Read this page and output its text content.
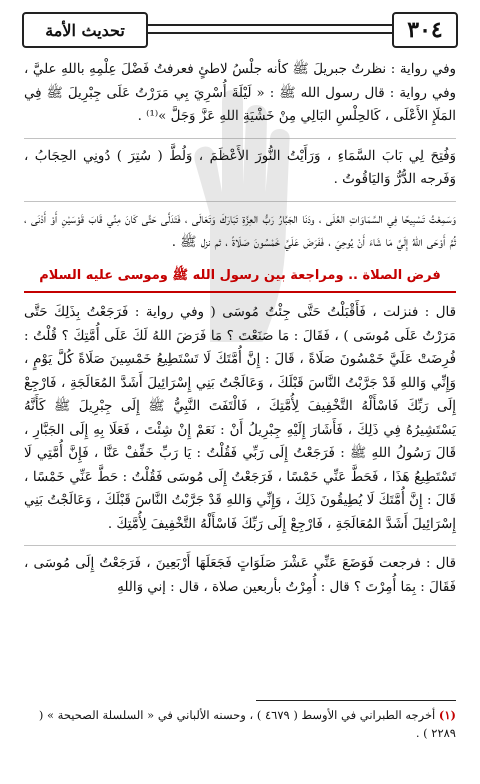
٣٠٤
تحديث الأمة

وفي رواية : نظرتُ جبريلَ ﷺ كأنه جلْسُ لاطئٍ فعرفتُ فَضْلَ عِلْمِهِ باللهِ عليَّ ، وفي رواية : قال رسول الله ﷺ : « لَيْلَةَ أُسْرِيَ بِي مَرَرْتُ عَلَى جِبْرِيلَ ﷺ فِي المَلَإِ الأَعْلَى ، كَالحِلْسِ البَالِي مِنْ خَشْيَةِ اللهِ عَزَّ وَجَلَّ »⁽¹⁾ .

وَفُتِحَ لِي بَابَ السَّمَاءِ ، وَرَأَيْتُ النُّورَ الأَعْظَمَ ، وَلُطَّ ( سُتِرَ ) دُونِي الحِجَابُ ، وَفَرجه الدُّرُّ وَاليَاقُوتُ .

وَسَمِعْتُ تَسْبِيحًا فِي السَّمَاوَاتِ العُلَى ، ودَنَا الجَبَّارُ رَبُّ العِزَّةِ تَبَارَكَ وَتَعَالَى ، فَتَدَلَّى حَتَّى كَانَ مِنِّي قَابَ قَوْسَيْنِ أَوْ أَدْنَى ، ثُمَّ أَوْحَى اللهُ إِلَيَّ مَا شَاءَ أَنْ يُوحِيَ ، فَفَرَضَ عَلَيَّ خَمْسُونَ صَلَاةً ، ثم نزل ﷺ .

فرض الصلاة .. ومراجعة بين رسول الله ﷺ وموسى عليه السلام

قال : فنزلت ، فَأَقْبَلْتُ حَتَّى جِئْتُ مُوسَى ( وفي رواية : فَرَجَعْتُ بِذَلِكَ حَتَّى مَرَرْتُ عَلَى مُوسَى ) ، فَقَالَ : مَا صَنَعْتَ ؟ مَا فَرَضَ اللهُ لَكَ عَلَى أُمَّتِكَ ؟ قُلْتُ : فُرِضَتْ عَلَيَّ خَمْسُونَ صَلَاةً ، قَالَ : إِنَّ أُمَّتَكَ لَا تَسْتَطِيعُ خَمْسِينَ صَلَاةً كُلَّ يَوْمٍ ، وَإِنِّي وَاللهِ قَدْ جَرَّبْتُ النَّاسَ قَبْلَكَ ، وَعَالَجْتُ بَنِي إِسْرَائِيلَ أَشَدَّ المُعَالَجَةِ ، فَارْجِعْ إِلَى رَبِّكَ فَاسْأَلْهُ التَّخْفِيفَ لِأُمَّتِكَ ، فَالْتَفَتَ النَّبِيُّ ﷺ إِلَى جِبْرِيلَ ﷺ كَأَنَّهُ يَسْتَشِيرُهُ فِي ذَلِكَ ، فَأَشَارَ إِلَيْهِ جِبْرِيلُ أَنْ : نَعَمْ إِنْ شِئْتَ ، فَعَلَا بِهِ إِلَى الجَبَّارِ ، قَالَ رَسُولُ اللهِ ﷺ : فَرَجَعْتُ إِلَى رَبِّي فَقُلْتُ : يَا رَبِّ خَفِّفْ عَنَّا ، فَإِنَّ أُمَّتِي لَا تَسْتَطِيعُ هَذَا ، فَحَطَّ عَنِّي خَمْسًا ، فَرَجَعْتُ إِلَى مُوسَى فَقُلْتُ : حَطَّ عَنِّي خَمْسًا ، قَالَ : إِنَّ أُمَّتَكَ لَا يُطِيقُونَ ذَلِكَ ، وَإِنِّي وَاللهِ قَدْ جَرَّبْتُ النَّاسَ قَبْلَكَ ، وَعَالَجْتُ بَنِي إِسْرَائِيلَ أَشَدَّ المُعَالَجَةِ ، فَارْجِعْ إِلَى رَبِّكَ فَاسْأَلْهُ التَّخْفِيفَ لِأُمَّتِكَ .

قال : فرجعت فَوَضَعَ عَنِّي عَشْرَ صَلَوَاتٍ فَجَعَلَهَا أَرْبَعِينَ ، فَرَجَعْتُ إِلَى مُوسَى ، فَقَالَ : بِمَا أُمِرْتَ ؟ قال : أُمِرْتُ بأربعين صلاة ، قال : إني وَاللهِ

(١) أخرجه الطبراني في الأوسط ( ٤٦٧٩ ) ، وحسنه الألباني في « السلسلة الصحيحة » ( ٢٢٨٩ ) .
